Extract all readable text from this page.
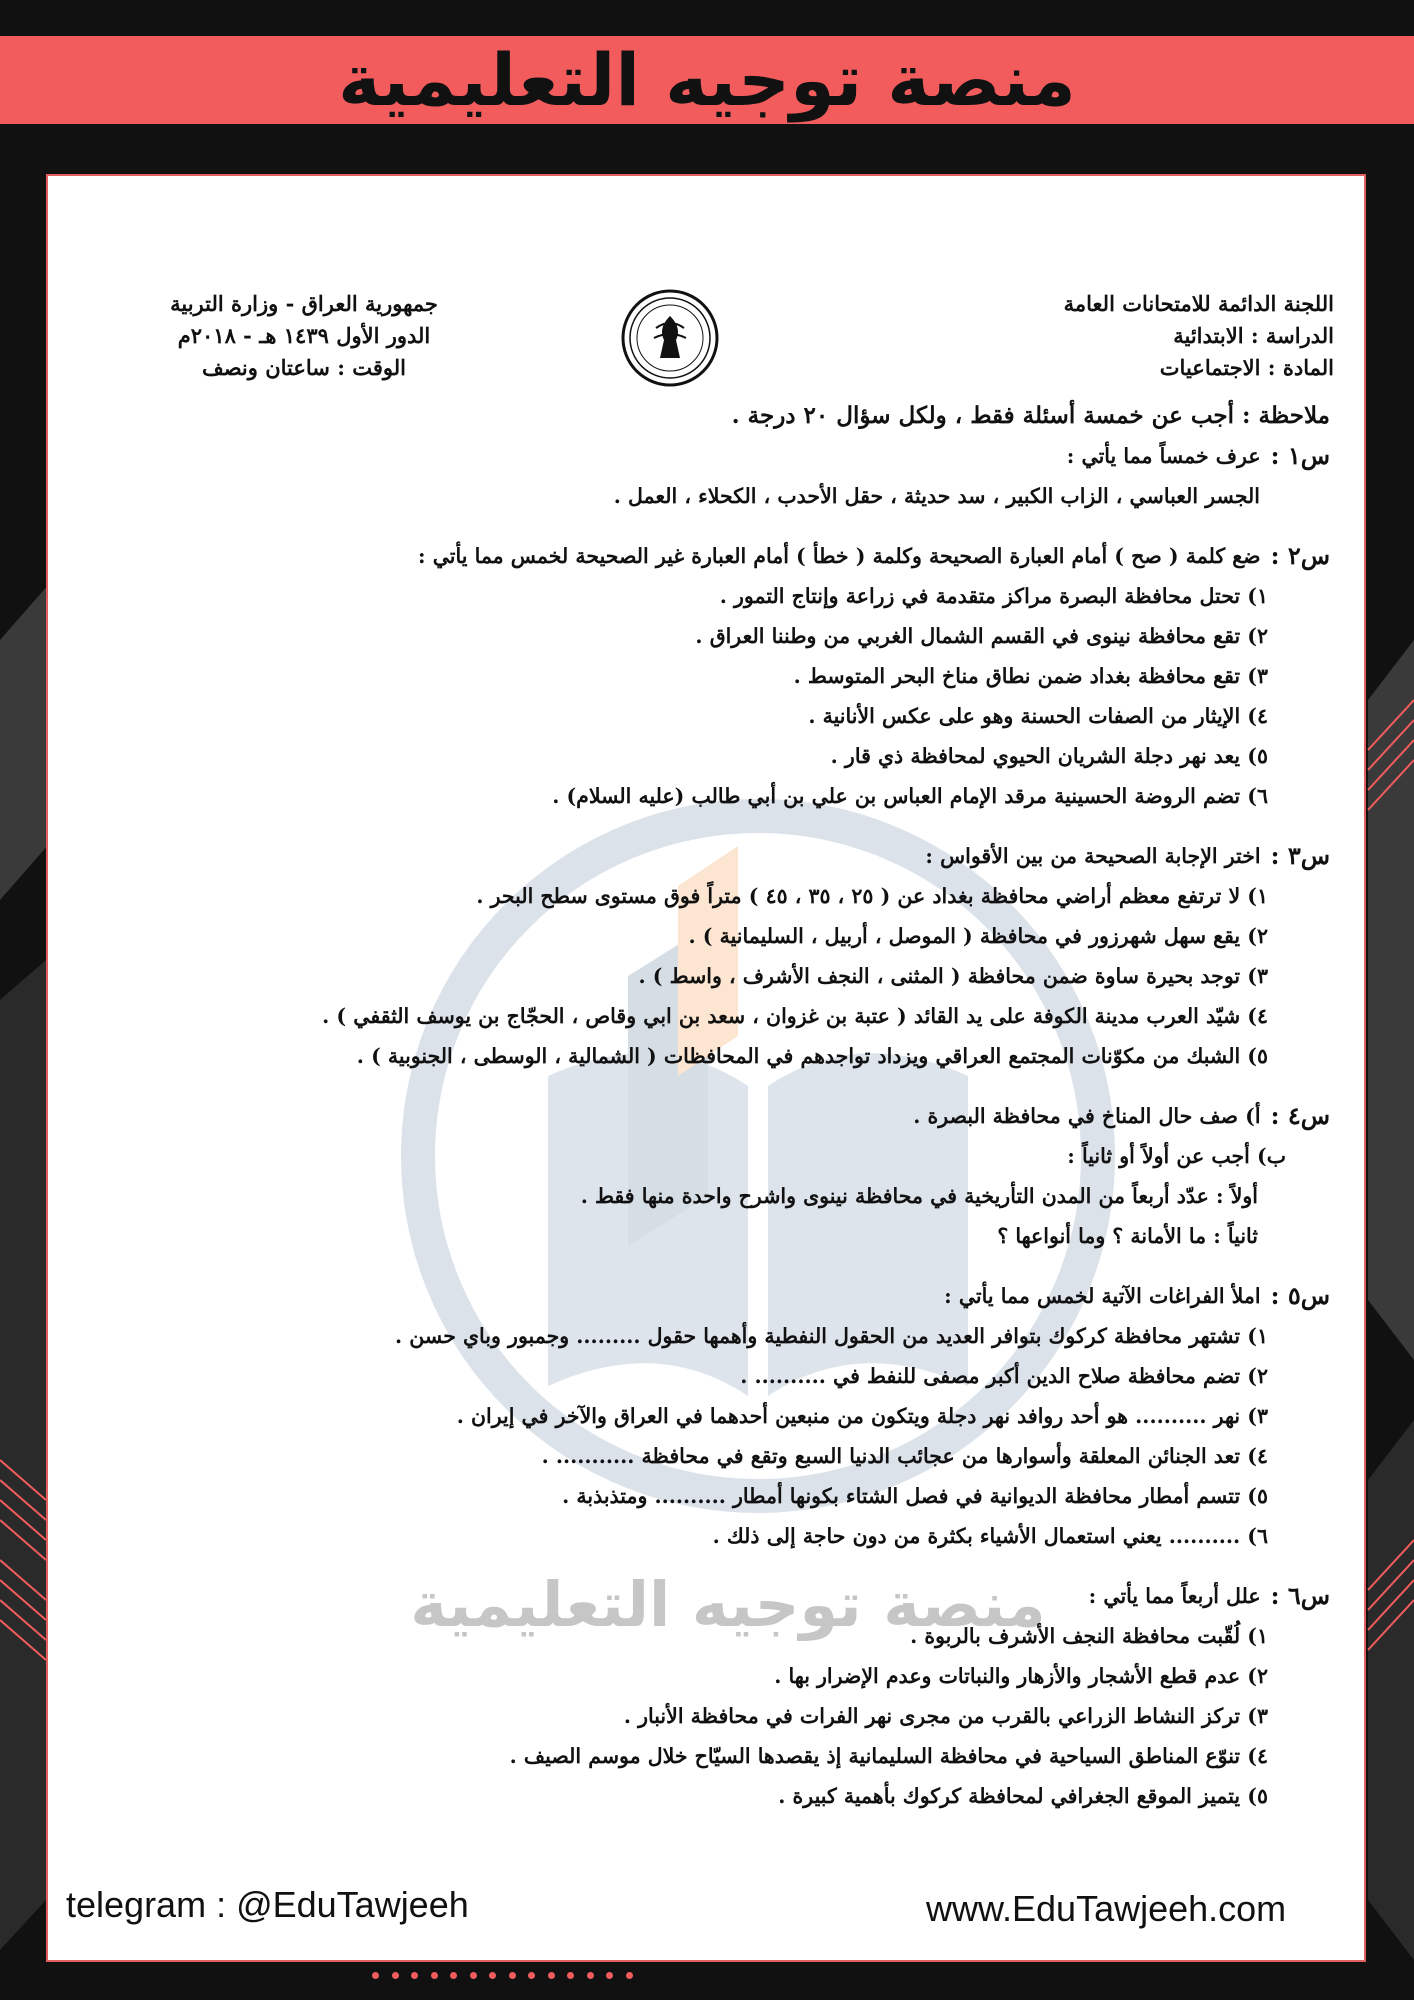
منصة توجيه التعليمية
منصة توجيه التعليمية
اللجنة الدائمة للامتحانات العامة
الدراسة : الابتدائية
المادة : الاجتماعيات
جمهورية العراق - وزارة التربية
الدور الأول ١٤٣٩ هـ - ٢٠١٨م
الوقت : ساعتان ونصف
ملاحظة : أجب عن خمسة أسئلة فقط ، ولكل سؤال ٢٠ درجة .
س١ :
عرف خمساً مما يأتي :
الجسر العباسي ، الزاب الكبير ، سد حديثة ، حقل الأحدب ، الكحلاء ، العمل .
س٢ :
ضع كلمة ( صح ) أمام العبارة الصحيحة وكلمة ( خطأ ) أمام العبارة غير الصحيحة لخمس مما يأتي :
١) تحتل محافظة البصرة مراكز متقدمة في زراعة وإنتاج التمور .
٢) تقع محافظة نينوى في القسم الشمال الغربي من وطننا العراق .
٣) تقع محافظة بغداد ضمن نطاق مناخ البحر المتوسط .
٤) الإيثار من الصفات الحسنة وهو على عكس الأنانية .
٥) يعد نهر دجلة الشريان الحيوي لمحافظة ذي قار .
٦) تضم الروضة الحسينية مرقد الإمام العباس بن علي بن أبي طالب (عليه السلام) .
س٣ :
اختر الإجابة الصحيحة من بين الأقواس :
١) لا ترتفع معظم أراضي محافظة بغداد عن ( ٢٥ ، ٣٥ ، ٤٥ ) متراً فوق مستوى سطح البحر .
٢) يقع سهل شهرزور في محافظة ( الموصل ، أربيل ، السليمانية ) .
٣) توجد بحيرة ساوة ضمن محافظة ( المثنى ، النجف الأشرف ، واسط ) .
٤) شيّد العرب مدينة الكوفة على يد القائد ( عتبة بن غزوان ، سعد بن ابي وقاص ، الحجّاج بن يوسف الثقفي ) .
٥) الشبك من مكوّنات المجتمع العراقي ويزداد تواجدهم في المحافظات ( الشمالية ، الوسطى ، الجنوبية ) .
س٤ :
أ) صف حال المناخ في محافظة البصرة .
ب) أجب عن أولاً أو ثانياً :
أولاً : عدّد أربعاً من المدن التأريخية في محافظة نينوى واشرح واحدة منها فقط .
ثانياً : ما الأمانة ؟ وما أنواعها ؟
س٥ :
املأ الفراغات الآتية لخمس مما يأتي :
١) تشتهر محافظة كركوك بتوافر العديد من الحقول النفطية وأهمها حقول ......... وجمبور وباي حسن .
٢) تضم محافظة صلاح الدين أكبر مصفى للنفط في .......... .
٣) نهر .......... هو أحد روافد نهر دجلة ويتكون من منبعين أحدهما في العراق والآخر في إيران .
٤) تعد الجنائن المعلقة وأسوارها من عجائب الدنيا السبع وتقع في محافظة ........... .
٥) تتسم أمطار محافظة الديوانية في فصل الشتاء بكونها أمطار .......... ومتذبذبة .
٦) .......... يعني استعمال الأشياء بكثرة من دون حاجة إلى ذلك .
س٦ :
علل أربعاً مما يأتي :
١) لُقّبت محافظة النجف الأشرف بالربوة .
٢) عدم قطع الأشجار والأزهار والنباتات وعدم الإضرار بها .
٣) تركز النشاط الزراعي بالقرب من مجرى نهر الفرات في محافظة الأنبار .
٤) تنوّع المناطق السياحية في محافظة السليمانية إذ يقصدها السيّاح خلال موسم الصيف .
٥) يتميز الموقع الجغرافي لمحافظة كركوك بأهمية كبيرة .
telegram : @EduTawjeeh	www.EduTawjeeh.com
